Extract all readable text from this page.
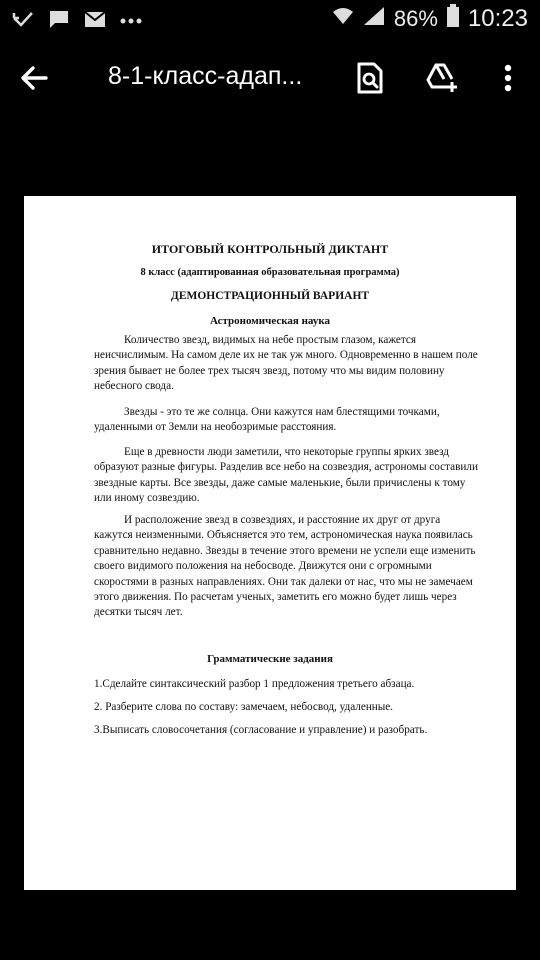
R 86% 10:23
8-1-класс-адап...
ИТОГОВЫЙ КОНТРОЛЬНЫЙ ДИКТАНТ
8 класс (адаптированная образовательная программа)
ДЕМОНСТРАЦИОННЫЙ ВАРИАНТ
Астрономическая наука
Количество звезд, видимых на небе простым глазом, кажется неисчислимым. На самом деле их не так уж много. Одновременно в нашем поле зрения бывает не более трех тысяч звезд, потому что мы видим половину небесного свода.
Звезды - это те же солнца. Они кажутся нам блестящими точками, удаленными от Земли на необозримые расстояния.
Еще в древности люди заметили, что некоторые группы ярких звезд образуют разные фигуры. Разделив все небо на созвездия, астрономы составили звездные карты. Все звезды, даже самые маленькие, были причислены к тому или иному созвездию.
И расположение звезд в созвездиях, и расстояние их друг от друга кажутся неизменными. Объясняется это тем, астрономическая наука появилась сравнительно недавно. Звезды в течение этого времени не успели еще изменить своего видимого положения на небосводе. Движутся они с огромными скоростями в разных направлениях. Они так далеки от нас, что мы не замечаем этого движения. По расчетам ученых, заметить его можно будет лишь через десятки тысяч лет.
Грамматические задания
1.Сделайте синтаксический разбор 1 предложения третьего абзаца.
2. Разберите слова по составу: замечаем, небосвод, удаленные.
3.Выписать словосочетания (согласование и управление) и разобрать.
